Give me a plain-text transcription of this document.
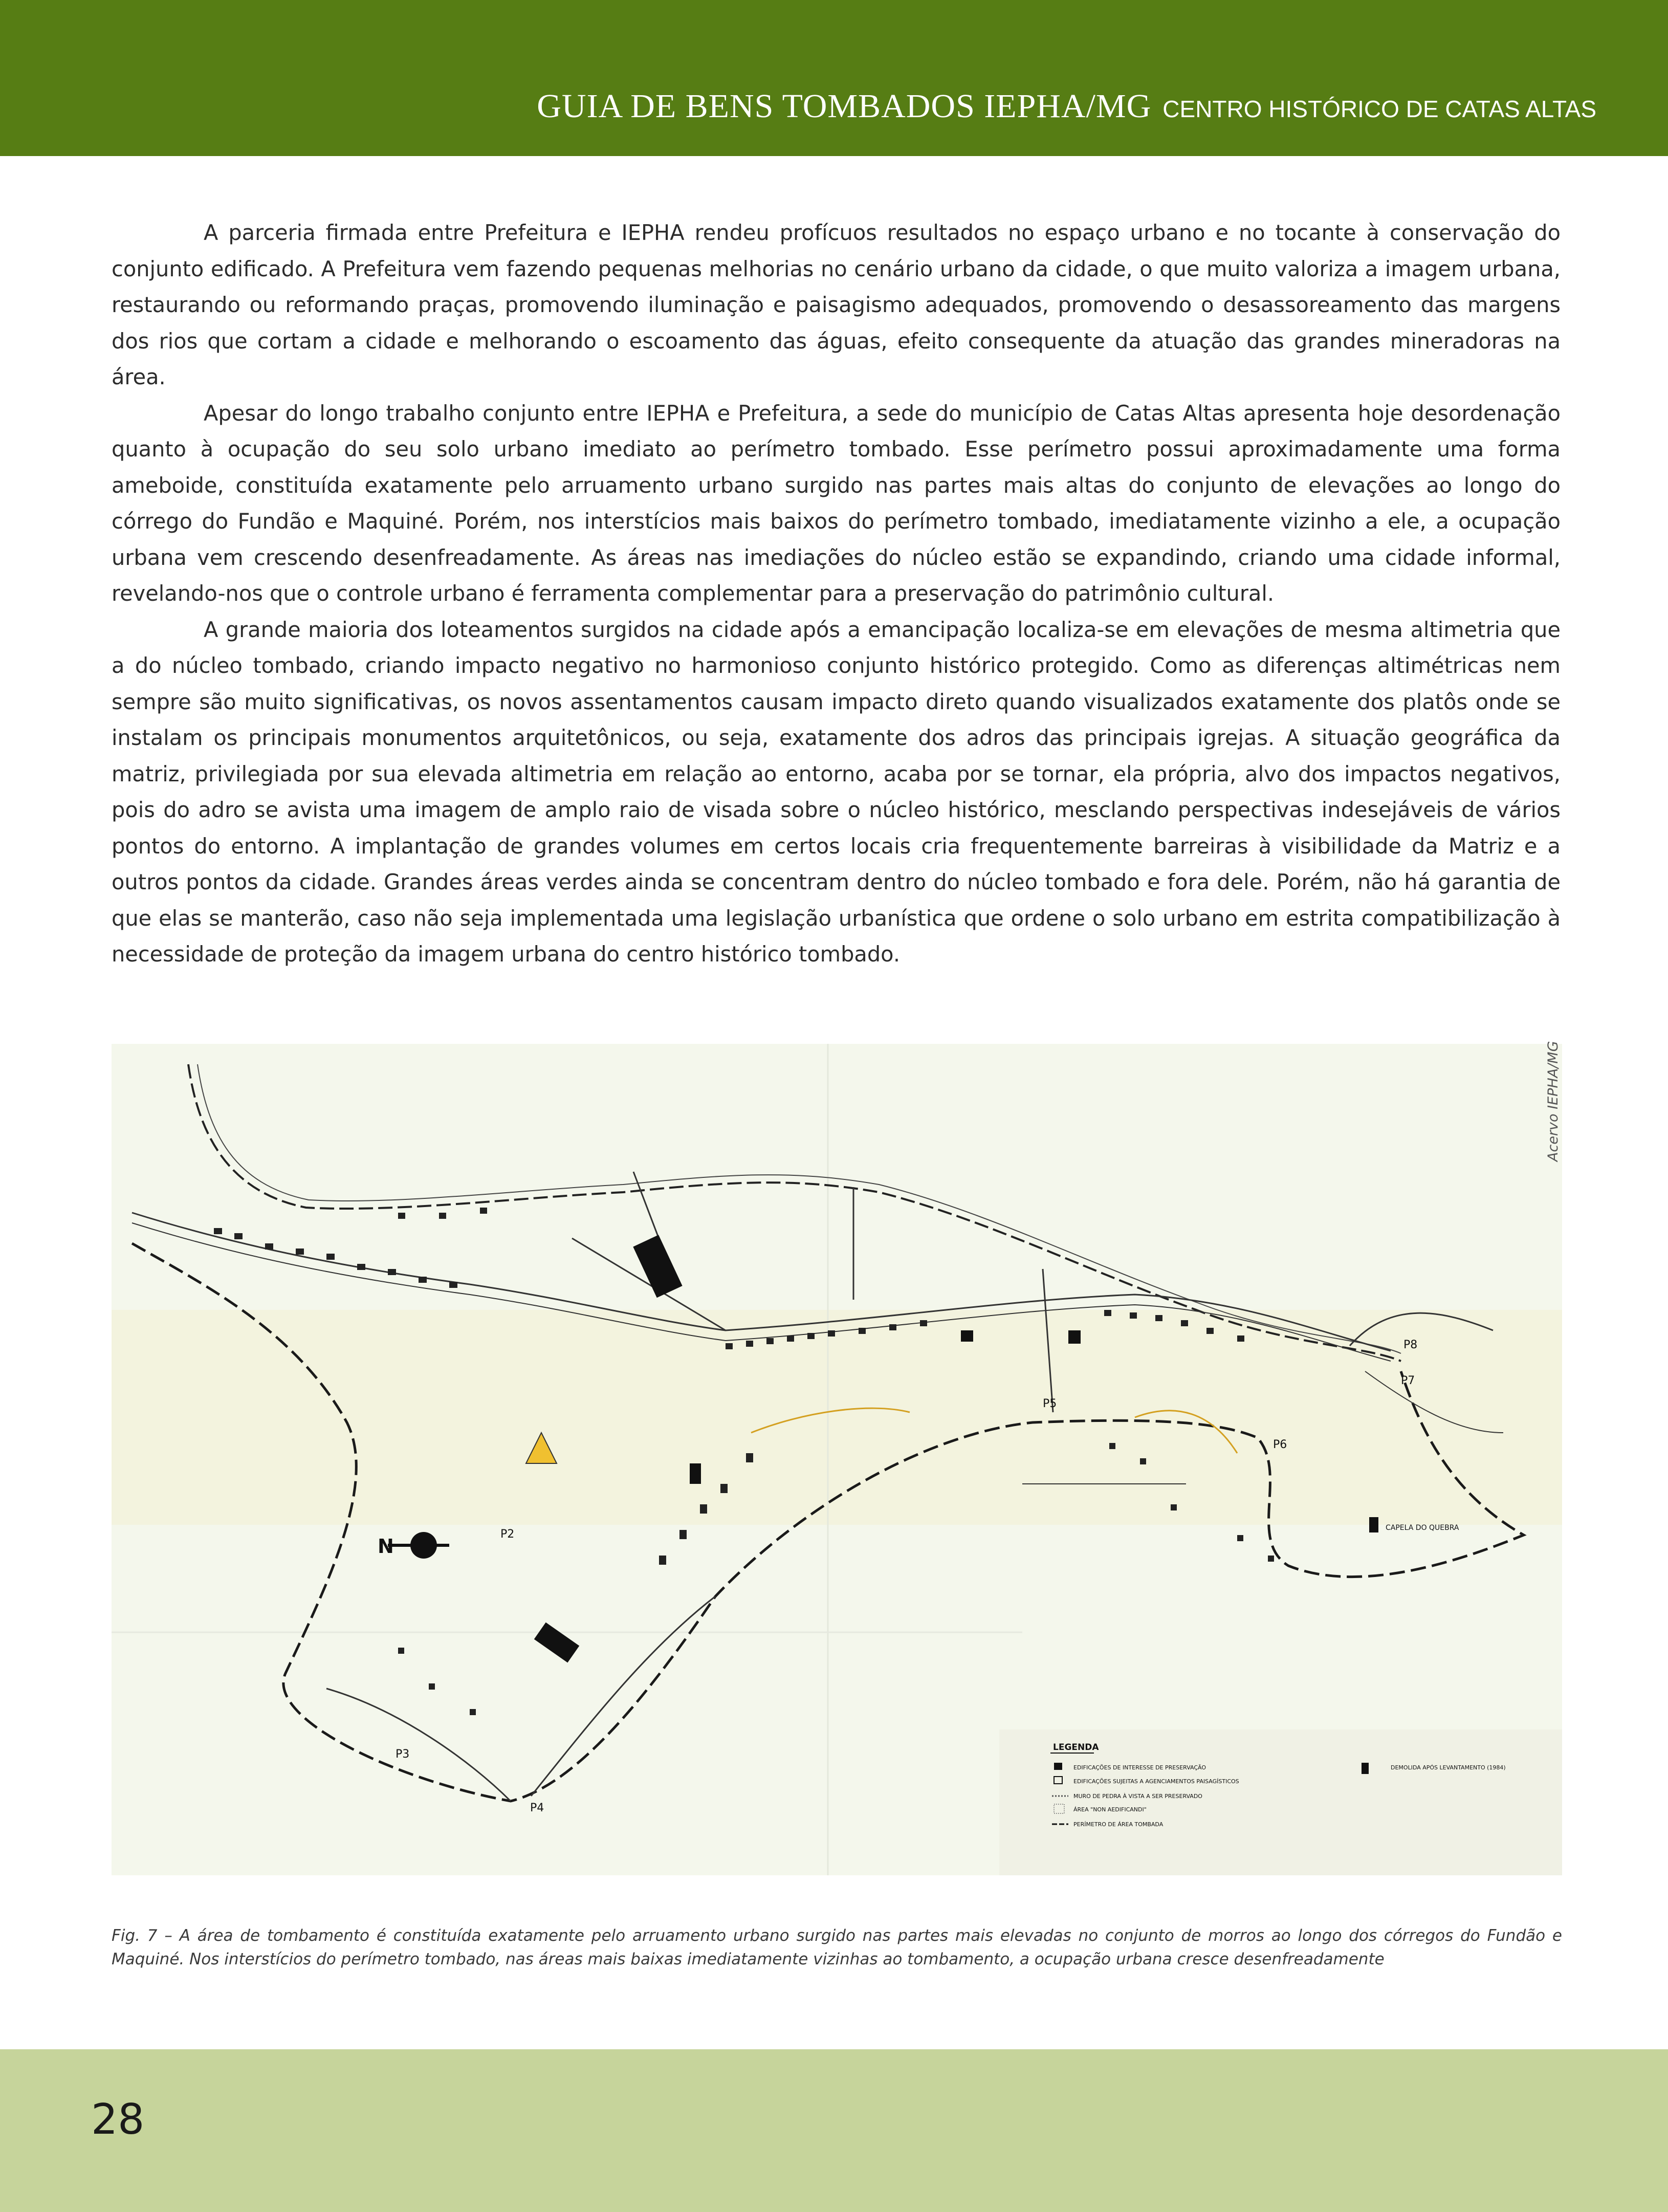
GUIA DE BENS TOMBADOS IEPHA/MG CENTRO HISTÓRICO DE CATAS ALTAS

A parceria firmada entre Prefeitura e IEPHA rendeu profícuos resultados no espaço urbano e no tocante à conservação do conjunto edificado. A Prefeitura vem fazendo pequenas melhorias no cenário urbano da cidade, o que muito valoriza a imagem urbana, restaurando ou reformando praças, promovendo iluminação e paisagismo adequados, promovendo o desassoreamento das margens dos rios que cortam a cidade e melhorando o escoamento das águas, efeito consequente da atuação das grandes mineradoras na área.

Apesar do longo trabalho conjunto entre IEPHA e Prefeitura, a sede do município de Catas Altas apresenta hoje desordenação quanto à ocupação do seu solo urbano imediato ao perímetro tombado. Esse perímetro possui aproximadamente uma forma ameboide, constituída exatamente pelo arruamento urbano surgido nas partes mais altas do conjunto de elevações ao longo do córrego do Fundão e Maquiné. Porém, nos interstícios mais baixos do perímetro tombado, imediatamente vizinho a ele, a ocupação urbana vem crescendo desenfreadamente. As áreas nas imediações do núcleo estão se expandindo, criando uma cidade informal, revelando-nos que o controle urbano é ferramenta complementar para a preservação do patrimônio cultural.

A grande maioria dos loteamentos surgidos na cidade após a emancipação localiza-se em elevações de mesma altimetria que a do núcleo tombado, criando impacto negativo no harmonioso conjunto histórico protegido. Como as diferenças altimétricas nem sempre são muito significativas, os novos assentamentos causam impacto direto quando visualizados exatamente dos platôs onde se instalam os principais monumentos arquitetônicos, ou seja, exatamente dos adros das principais igrejas. A situação geográfica da matriz, privilegiada por sua elevada altimetria em relação ao entorno, acaba por se tornar, ela própria, alvo dos impactos negativos, pois do adro se avista uma imagem de amplo raio de visada sobre o núcleo histórico, mesclando perspectivas indesejáveis de vários pontos do entorno. A implantação de grandes volumes em certos locais cria frequentemente barreiras à visibilidade da Matriz e a outros pontos da cidade. Grandes áreas verdes ainda se concentram dentro do núcleo tombado e fora dele. Porém, não há garantia de que elas se manterão, caso não seja implementada uma legislação urbanística que ordene o solo urbano em estrita compatibilização à necessidade de proteção da imagem urbana do centro histórico tombado.

N
P2
P3
P4
P5
P6
P7
P8
CAPELA DO QUEBRA
LEGENDA
EDIFICAÇÕES DE INTERESSE DE PRESERVAÇÃO
EDIFICAÇÕES SUJEITAS A AGENCIAMENTOS PAISAGÍSTICOS
MURO DE PEDRA À VISTA A SER PRESERVADO
ÁREA "NON AEDIFICANDI"
PERÍMETRO DE ÁREA TOMBADA
DEMOLIDA APÓS LEVANTAMENTO (1984)
Acervo IEPHA/MG
Fig. 7 – A área de tombamento é constituída exatamente pelo arruamento urbano surgido nas partes mais elevadas no conjunto de morros ao longo dos córregos do Fundão e Maquiné. Nos interstícios do perímetro tombado, nas áreas mais baixas imediatamente vizinhas ao tombamento, a ocupação urbana cresce desenfreadamente
28
